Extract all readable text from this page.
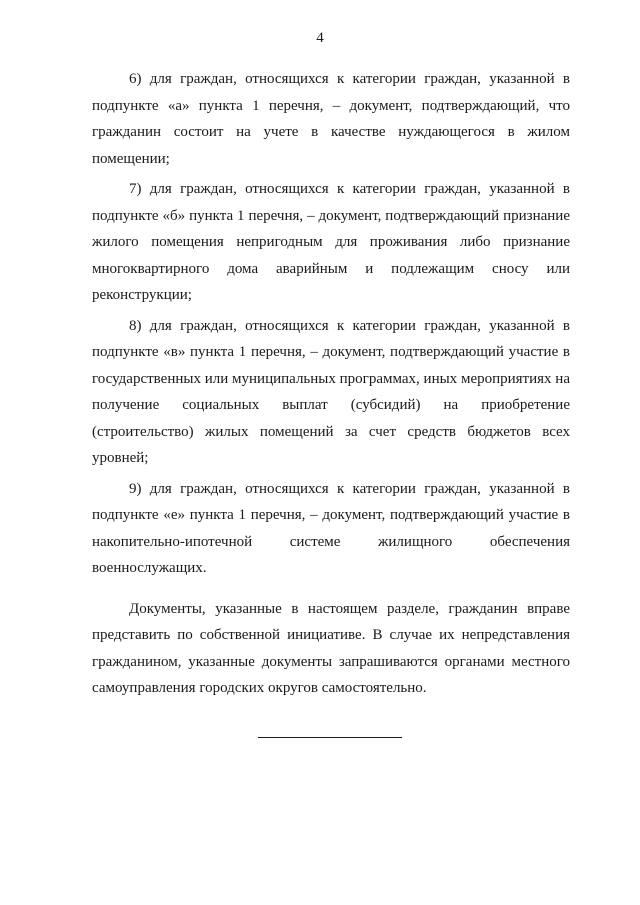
4

6) для граждан, относящихся к категории граждан, указанной в подпункте «а» пункта 1 перечня, – документ, подтверждающий, что гражданин состоит на учете в качестве нуждающегося в жилом помещении;

7) для граждан, относящихся к категории граждан, указанной в подпункте «б» пункта 1 перечня, – документ, подтверждающий признание жилого помещения непригодным для проживания либо признание многоквартирного дома аварийным и подлежащим сносу или реконструкции;

8) для граждан, относящихся к категории граждан, указанной в подпункте «в» пункта 1 перечня, – документ, подтверждающий участие в государственных или муниципальных программах, иных мероприятиях на получение социальных выплат (субсидий) на приобретение (строительство) жилых помещений за счет средств бюджетов всех уровней;

9) для граждан, относящихся к категории граждан, указанной в подпункте «е» пункта 1 перечня, – документ, подтверждающий участие в накопительно-ипотечной системе жилищного обеспечения военнослужащих.

Документы, указанные в настоящем разделе, гражданин вправе представить по собственной инициативе. В случае их непредставления гражданином, указанные документы запрашиваются органами местного самоуправления городских округов самостоятельно.
